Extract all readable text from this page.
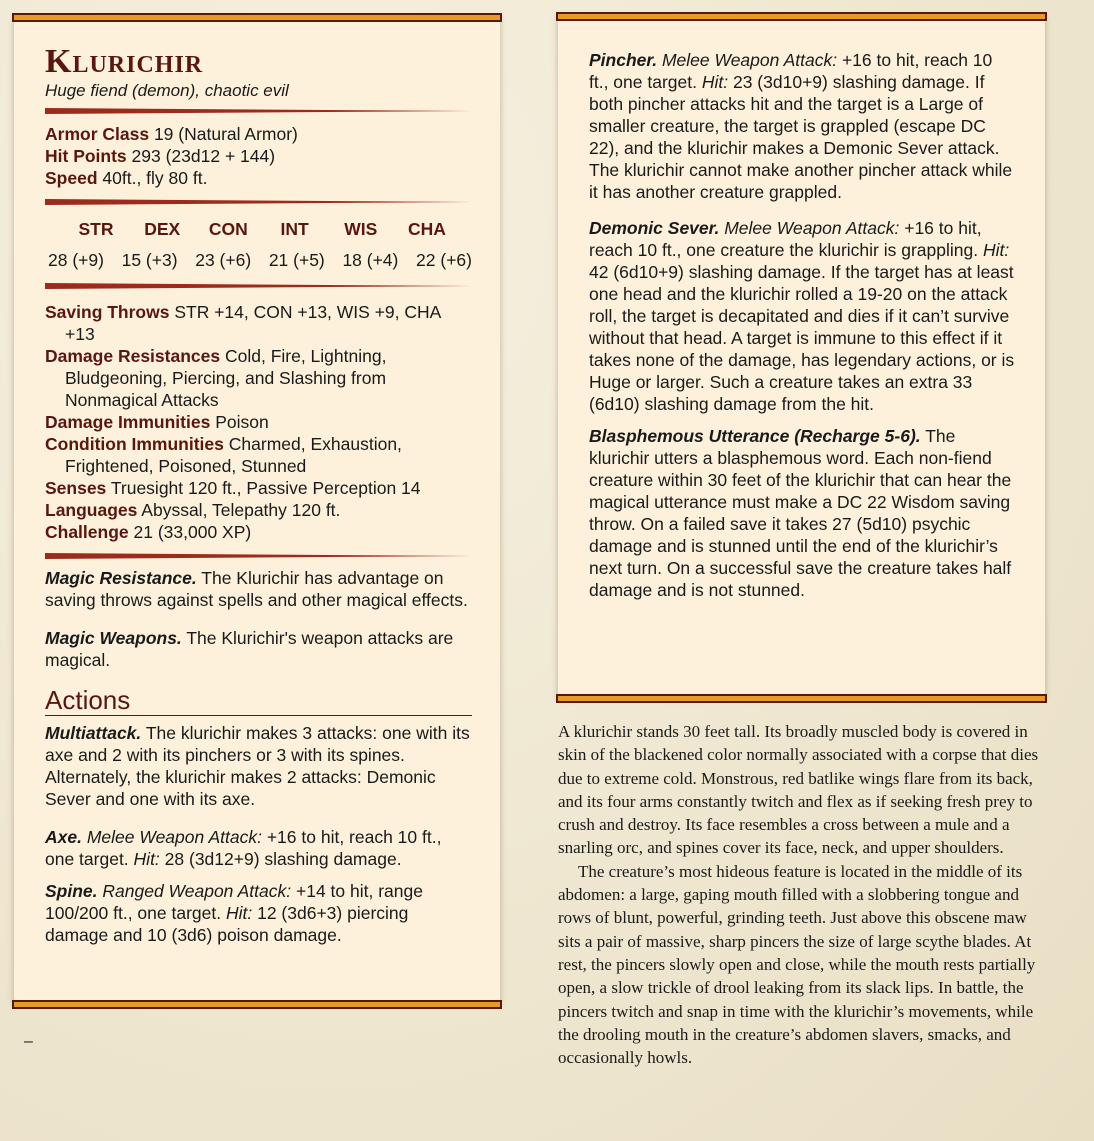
Klurichir
Huge fiend (demon), chaotic evil
Armor Class 19 (Natural Armor)
Hit Points 293 (23d12 + 144)
Speed 40ft., fly 80 ft.
STR	DEX	CON	INT	WIS	CHA
28 (+9) 15 (+3) 23 (+6) 21 (+5) 18 (+4) 22 (+6)
Saving Throws STR +14, CON +13, WIS +9, CHA +13
Damage Resistances Cold, Fire, Lightning, Bludgeoning, Piercing, and Slashing from Nonmagical Attacks
Damage Immunities Poison
Condition Immunities Charmed, Exhaustion, Frightened, Poisoned, Stunned
Senses Truesight 120 ft., Passive Perception 14
Languages Abyssal, Telepathy 120 ft.
Challenge 21 (33,000 XP)
Magic Resistance. The Klurichir has advantage on saving throws against spells and other magical effects.
Magic Weapons. The Klurichir's weapon attacks are magical.
Actions
Multiattack. The klurichir makes 3 attacks: one with its axe and 2 with its pinchers or 3 with its spines. Alternately, the klurichir makes 2 attacks: Demonic Sever and one with its axe.
Axe. Melee Weapon Attack: +16 to hit, reach 10 ft., one target. Hit: 28 (3d12+9) slashing damage.
Spine. Ranged Weapon Attack: +14 to hit, range 100/200 ft., one target. Hit: 12 (3d6+3) piercing damage and 10 (3d6) poison damage.
Pincher. Melee Weapon Attack: +16 to hit, reach 10 ft., one target. Hit: 23 (3d10+9) slashing damage. If both pincher attacks hit and the target is a Large of smaller creature, the target is grappled (escape DC 22), and the klurichir makes a Demonic Sever attack. The klurichir cannot make another pincher attack while it has another creature grappled.
Demonic Sever. Melee Weapon Attack: +16 to hit, reach 10 ft., one creature the klurichir is grappling. Hit: 42 (6d10+9) slashing damage. If the target has at least one head and the klurichir rolled a 19-20 on the attack roll, the target is decapitated and dies if it can’t survive without that head. A target is immune to this effect if it takes none of the damage, has legendary actions, or is Huge or larger. Such a creature takes an extra 33 (6d10) slashing damage from the hit.
Blasphemous Utterance (Recharge 5-6). The klurichir utters a blasphemous word. Each non-fiend creature within 30 feet of the klurichir that can hear the magical utterance must make a DC 22 Wisdom saving throw. On a failed save it takes 27 (5d10) psychic damage and is stunned until the end of the klurichir’s next turn. On a successful save the creature takes half damage and is not stunned.

A klurichir stands 30 feet tall. Its broadly muscled body is covered in skin of the blackened color normally associated with a corpse that dies due to extreme cold. Monstrous, red batlike wings flare from its back, and its four arms constantly twitch and flex as if seeking fresh prey to crush and destroy. Its face resembles a cross between a mule and a snarling orc, and spines cover its face, neck, and upper shoulders.

The creature’s most hideous feature is located in the middle of its abdomen: a large, gaping mouth filled with a slobbering tongue and rows of blunt, powerful, grinding teeth. Just above this obscene maw sits a pair of massive, sharp pincers the size of large scythe blades. At rest, the pincers slowly open and close, while the mouth rests partially open, a slow trickle of drool leaking from its slack lips. In battle, the pincers twitch and snap in time with the klurichir’s movements, while the drooling mouth in the creature’s abdomen slavers, smacks, and occasionally howls.

–
